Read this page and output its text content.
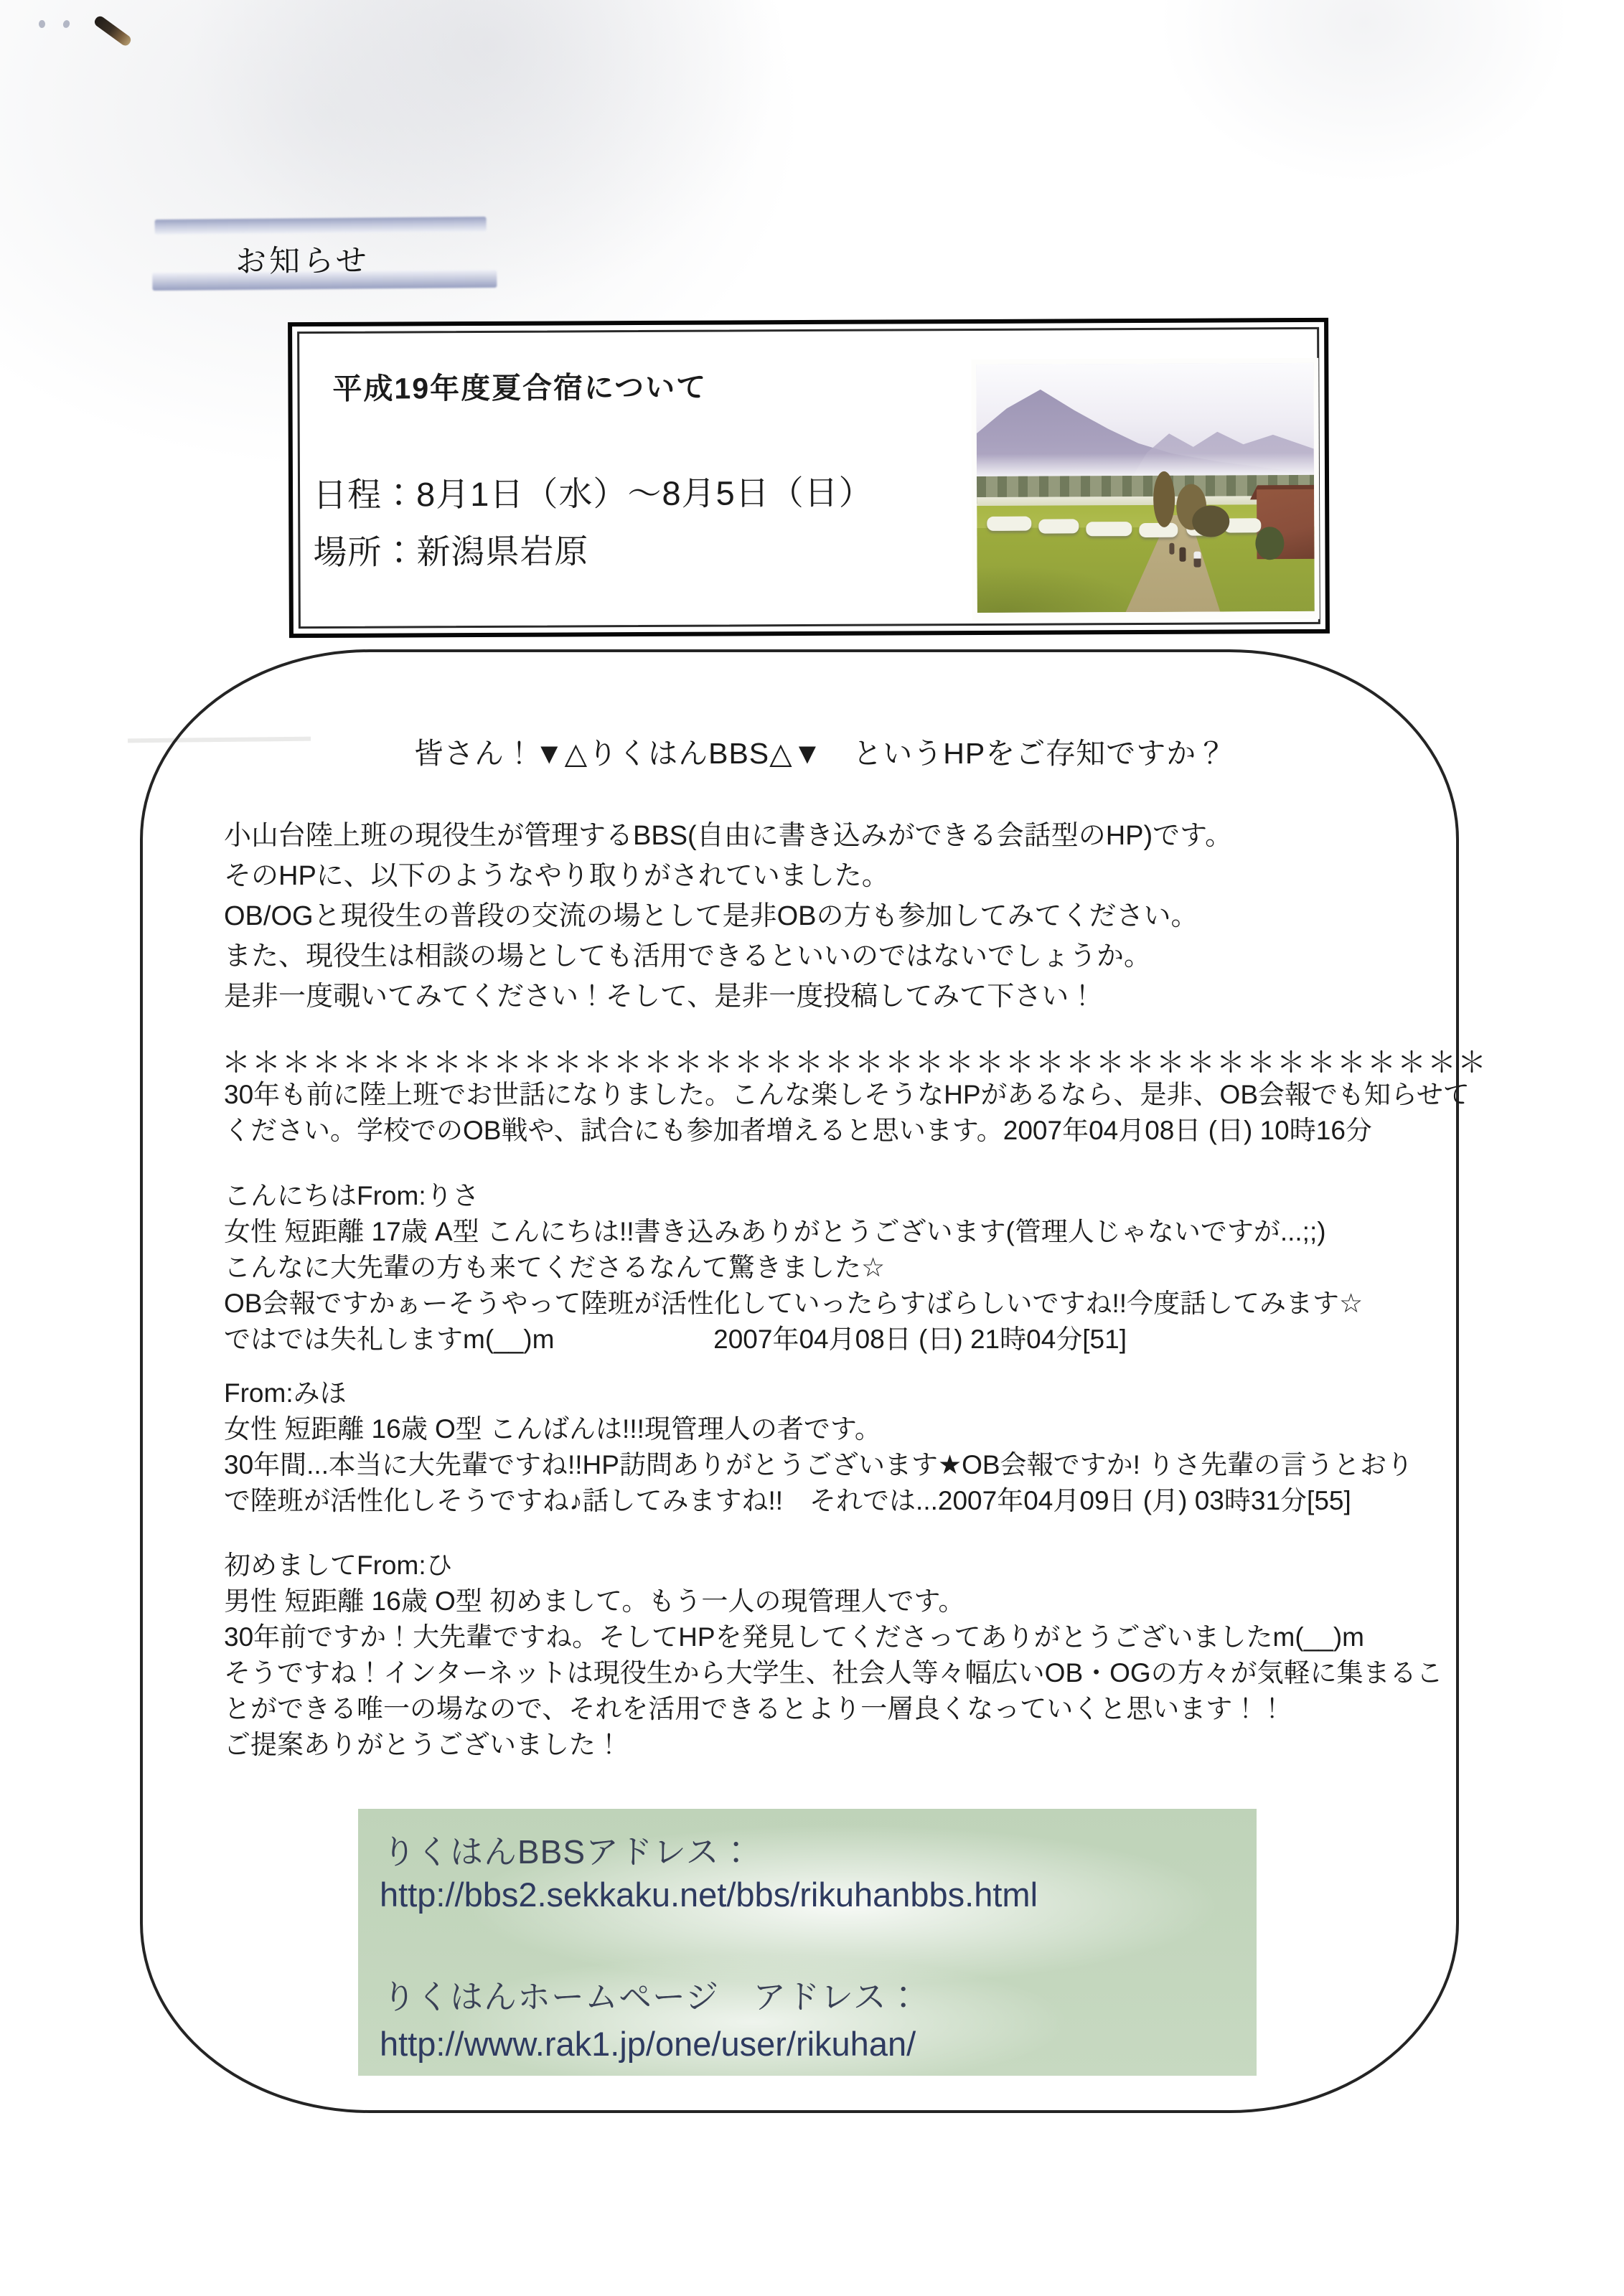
お知らせ
平成19年度夏合宿について
日程：8月1日（水）～8月5日（日）
場所：新潟県岩原
皆さん！▼△りくはんBBS△▼　というHPをご存知ですか？
小山台陸上班の現役生が管理するBBS(自由に書き込みができる会話型のHP)です。
そのHPに、以下のようなやり取りがされていました。
OB/OGと現役生の普段の交流の場として是非OBの方も参加してみてください。
また、現役生は相談の場としても活用できるといいのではないでしょうか。
是非一度覗いてみてください！そして、是非一度投稿してみて下さい！
＊＊＊＊＊＊＊＊＊＊＊＊＊＊＊＊＊＊＊＊＊＊＊＊＊＊＊＊＊＊＊＊＊＊＊＊＊＊＊＊＊＊
30年も前に陸上班でお世話になりました。こんな楽しそうなHPがあるなら、是非、OB会報でも知らせて
ください。学校でのOB戦や、試合にも参加者増えると思います。 2007年04月08日 (日) 10時16分
こんにちはFrom:りさ
女性 短距離 17歳 A型 こんにちは!!書き込みありがとうございます(管理人じゃないですが...;;)
こんなに大先輩の方も来てくださるなんて驚きました☆
OB会報ですかぁーそうやって陸班が活性化していったらすばらしいですね!!今度話してみます☆
ではでは失礼しますm(__)m	2007年04月08日 (日) 21時04分[51]
From:みほ
女性 短距離 16歳 O型 こんばんは!!!現管理人の者です。
30年間...本当に大先輩ですね!!HP訪問ありがとうございます★OB会報ですか! りさ先輩の言うとおり
で陸班が活性化しそうですね♪話してみますね!!　それでは...2007年04月09日 (月) 03時31分[55]
初めましてFrom:ひ
男性 短距離 16歳 O型 初めまして。もう一人の現管理人です。
30年前ですか！大先輩ですね。そしてHPを発見してくださってありがとうございましたm(__)m
そうですね！インターネットは現役生から大学生、社会人等々幅広いOB・OGの方々が気軽に集まるこ
とができる唯一の場なので、それを活用できるとより一層良くなっていくと思います！！
ご提案ありがとうございました！
りくはんBBSアドレス：
http://bbs2.sekkaku.net/bbs/rikuhanbbs.html
りくはんホームページ　アドレス：
http://www.rak1.jp/one/user/rikuhan/
